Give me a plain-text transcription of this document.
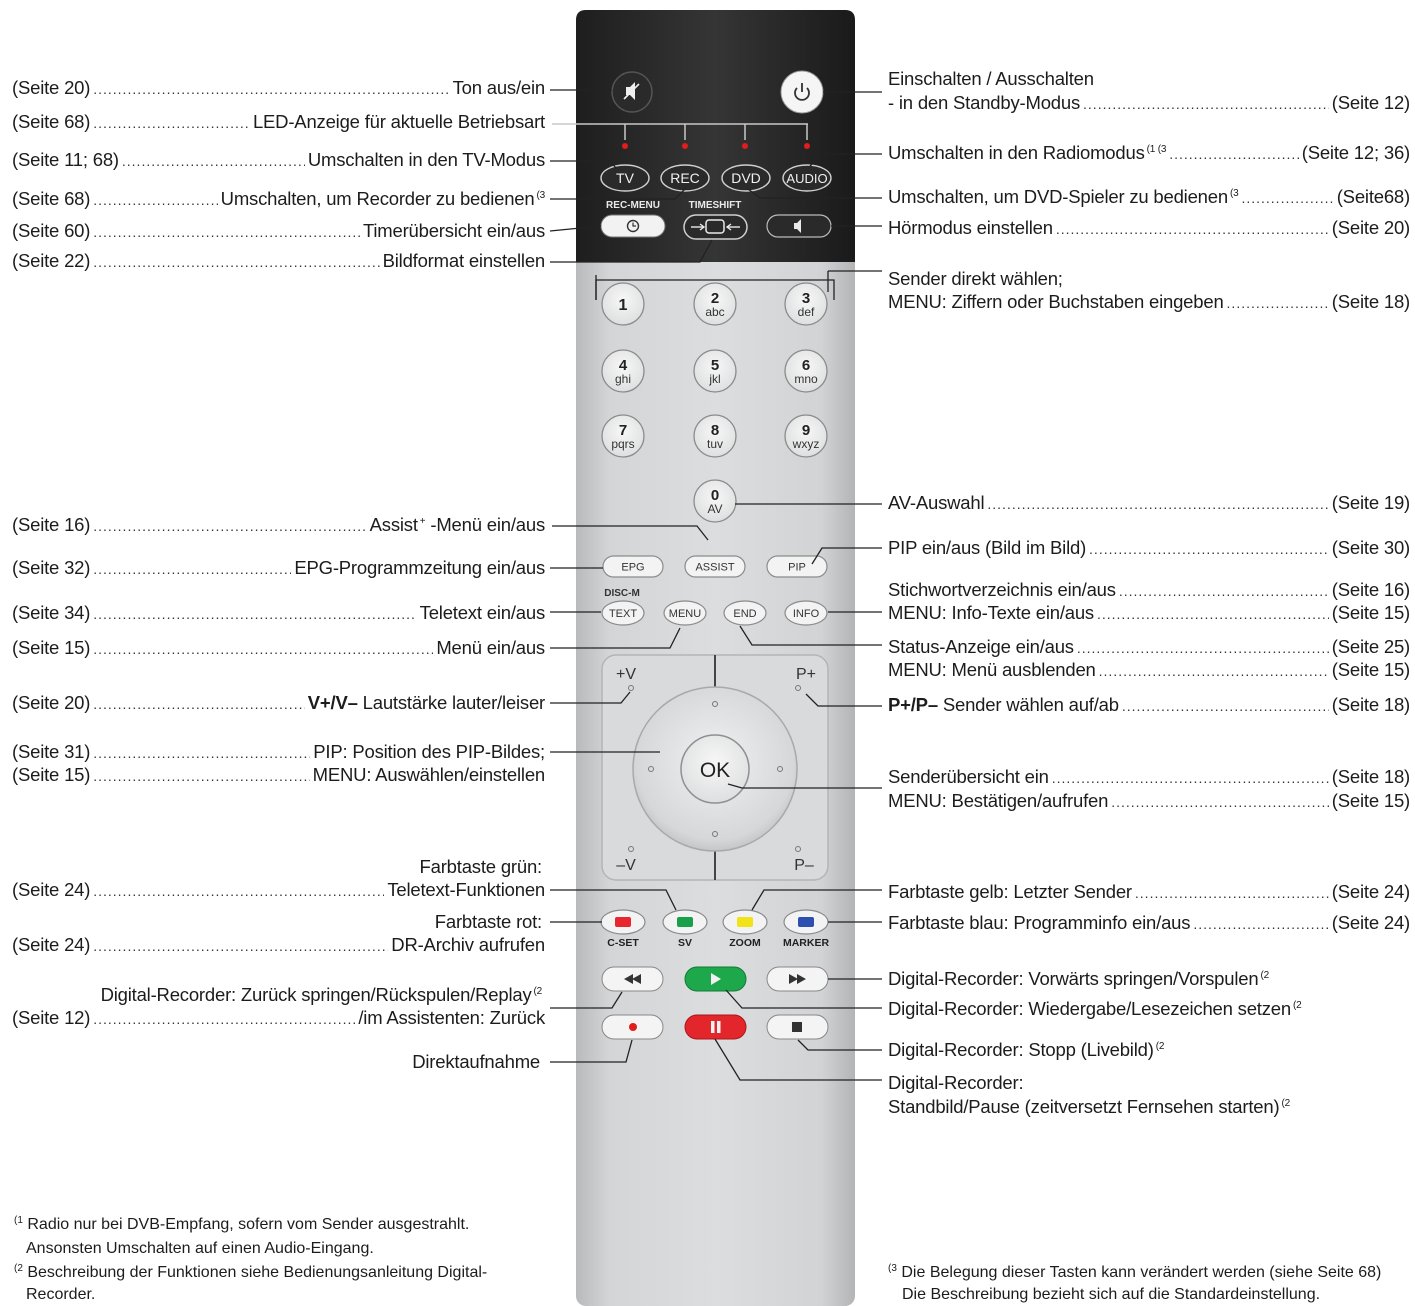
TV	REC DVD AUDIO
REC-MENU	TIMESHIFT
1	2
abc
3
def
4
ghi
5
jkl
6
mno
7
pqrs
8
tuv
9
wxyz
0
AV
EPG	ASSIST	PIP
DISC-M
TEXT	MENU	END	INFO
OK
+V	P+
–V	P–
C-SET	SV	ZOOM MARKER
(Seite 20) .....	Ton aus/ein
(Seite 68) .....	LED-Anzeige für aktuelle Betriebsart
(Seite 11; 68) .....	Umschalten in den TV-Modus
(Seite 68) .....	Umschalten, um Recorder zu bedienen $^{(3}$
(Seite 60) .....	Timerübersicht ein/aus
(Seite 22) .....	Bildformat einstellen
(Seite 16) .....	Assist + -Menü ein/aus
(Seite 32) .....	EPG-Programmzeitung ein/aus
(Seite 34) .....	Teletext ein/aus
(Seite 15) .....	Menü ein/aus
(Seite 20) .....	V+/V– Lautstärke lauter/leiser
(Seite 31) .....	PIP: Position des PIP-Bildes;
(Seite 15) .....	MENU: Auswählen/einstellen
Farbtaste grün:
(Seite 24) .....	Teletext-Funktionen
Farbtaste rot:
(Seite 24) .....	DR-Archiv aufrufen
Digital-Recorder: Zurück springen/Rückspulen/Replay $^{(2}$
(Seite 12) .....	/im Assistenten: Zurück
Direktaufnahme
Einschalten / Ausschalten
- in den Standby-Modus .....	(Seite 12)
Umschalten in den Radiomodus $^{(1 (3}$ .....	(Seite 12; 36)
Umschalten, um DVD-Spieler zu bedienen $^{(3}$ .....	(Seite68)
Hörmodus einstellen .....	(Seite 20)
Sender direkt wählen;
MENU: Ziffern oder Buchstaben eingeben .....	(Seite 18)
AV-Auswahl .....	(Seite 19)
PIP ein/aus (Bild im Bild) .....	(Seite 30)
Stichwortverzeichnis ein/aus .....	(Seite 16)
MENU: Info-Texte ein/aus .....	(Seite 15)
Status-Anzeige ein/aus .....	(Seite 25)
MENU: Menü ausblenden .....	(Seite 15)
P+/P– Sender wählen auf/ab .....	(Seite 18)
Senderübersicht ein .....	(Seite 18)
MENU: Bestätigen/aufrufen .....	(Seite 15)
Farbtaste gelb: Letzter Sender .....	(Seite 24)
Farbtaste blau: Programminfo ein/aus .....	(Seite 24)
Digital-Recorder: Vorwärts springen/Vorspulen $^{(2}$
Digital-Recorder: Wiedergabe/Lesezeichen setzen $^{(2}$
Digital-Recorder: Stopp (Livebild) $^{(2}$
Digital-Recorder:
Standbild/Pause (zeitversetzt Fernsehen starten) $^{(2}$
$^{(1}$ Radio nur bei DVB-Empfang, sofern vom Sender ausgestrahlt.
Ansonsten Umschalten auf einen Audio-Eingang.
$^{(2}$ Beschreibung der Funktionen siehe Bedienungsanleitung Digital-
Recorder.
$^{(3}$ Die Belegung dieser Tasten kann verändert werden (siehe Seite 68)
Die Beschreibung bezieht sich auf die Standardeinstellung.
